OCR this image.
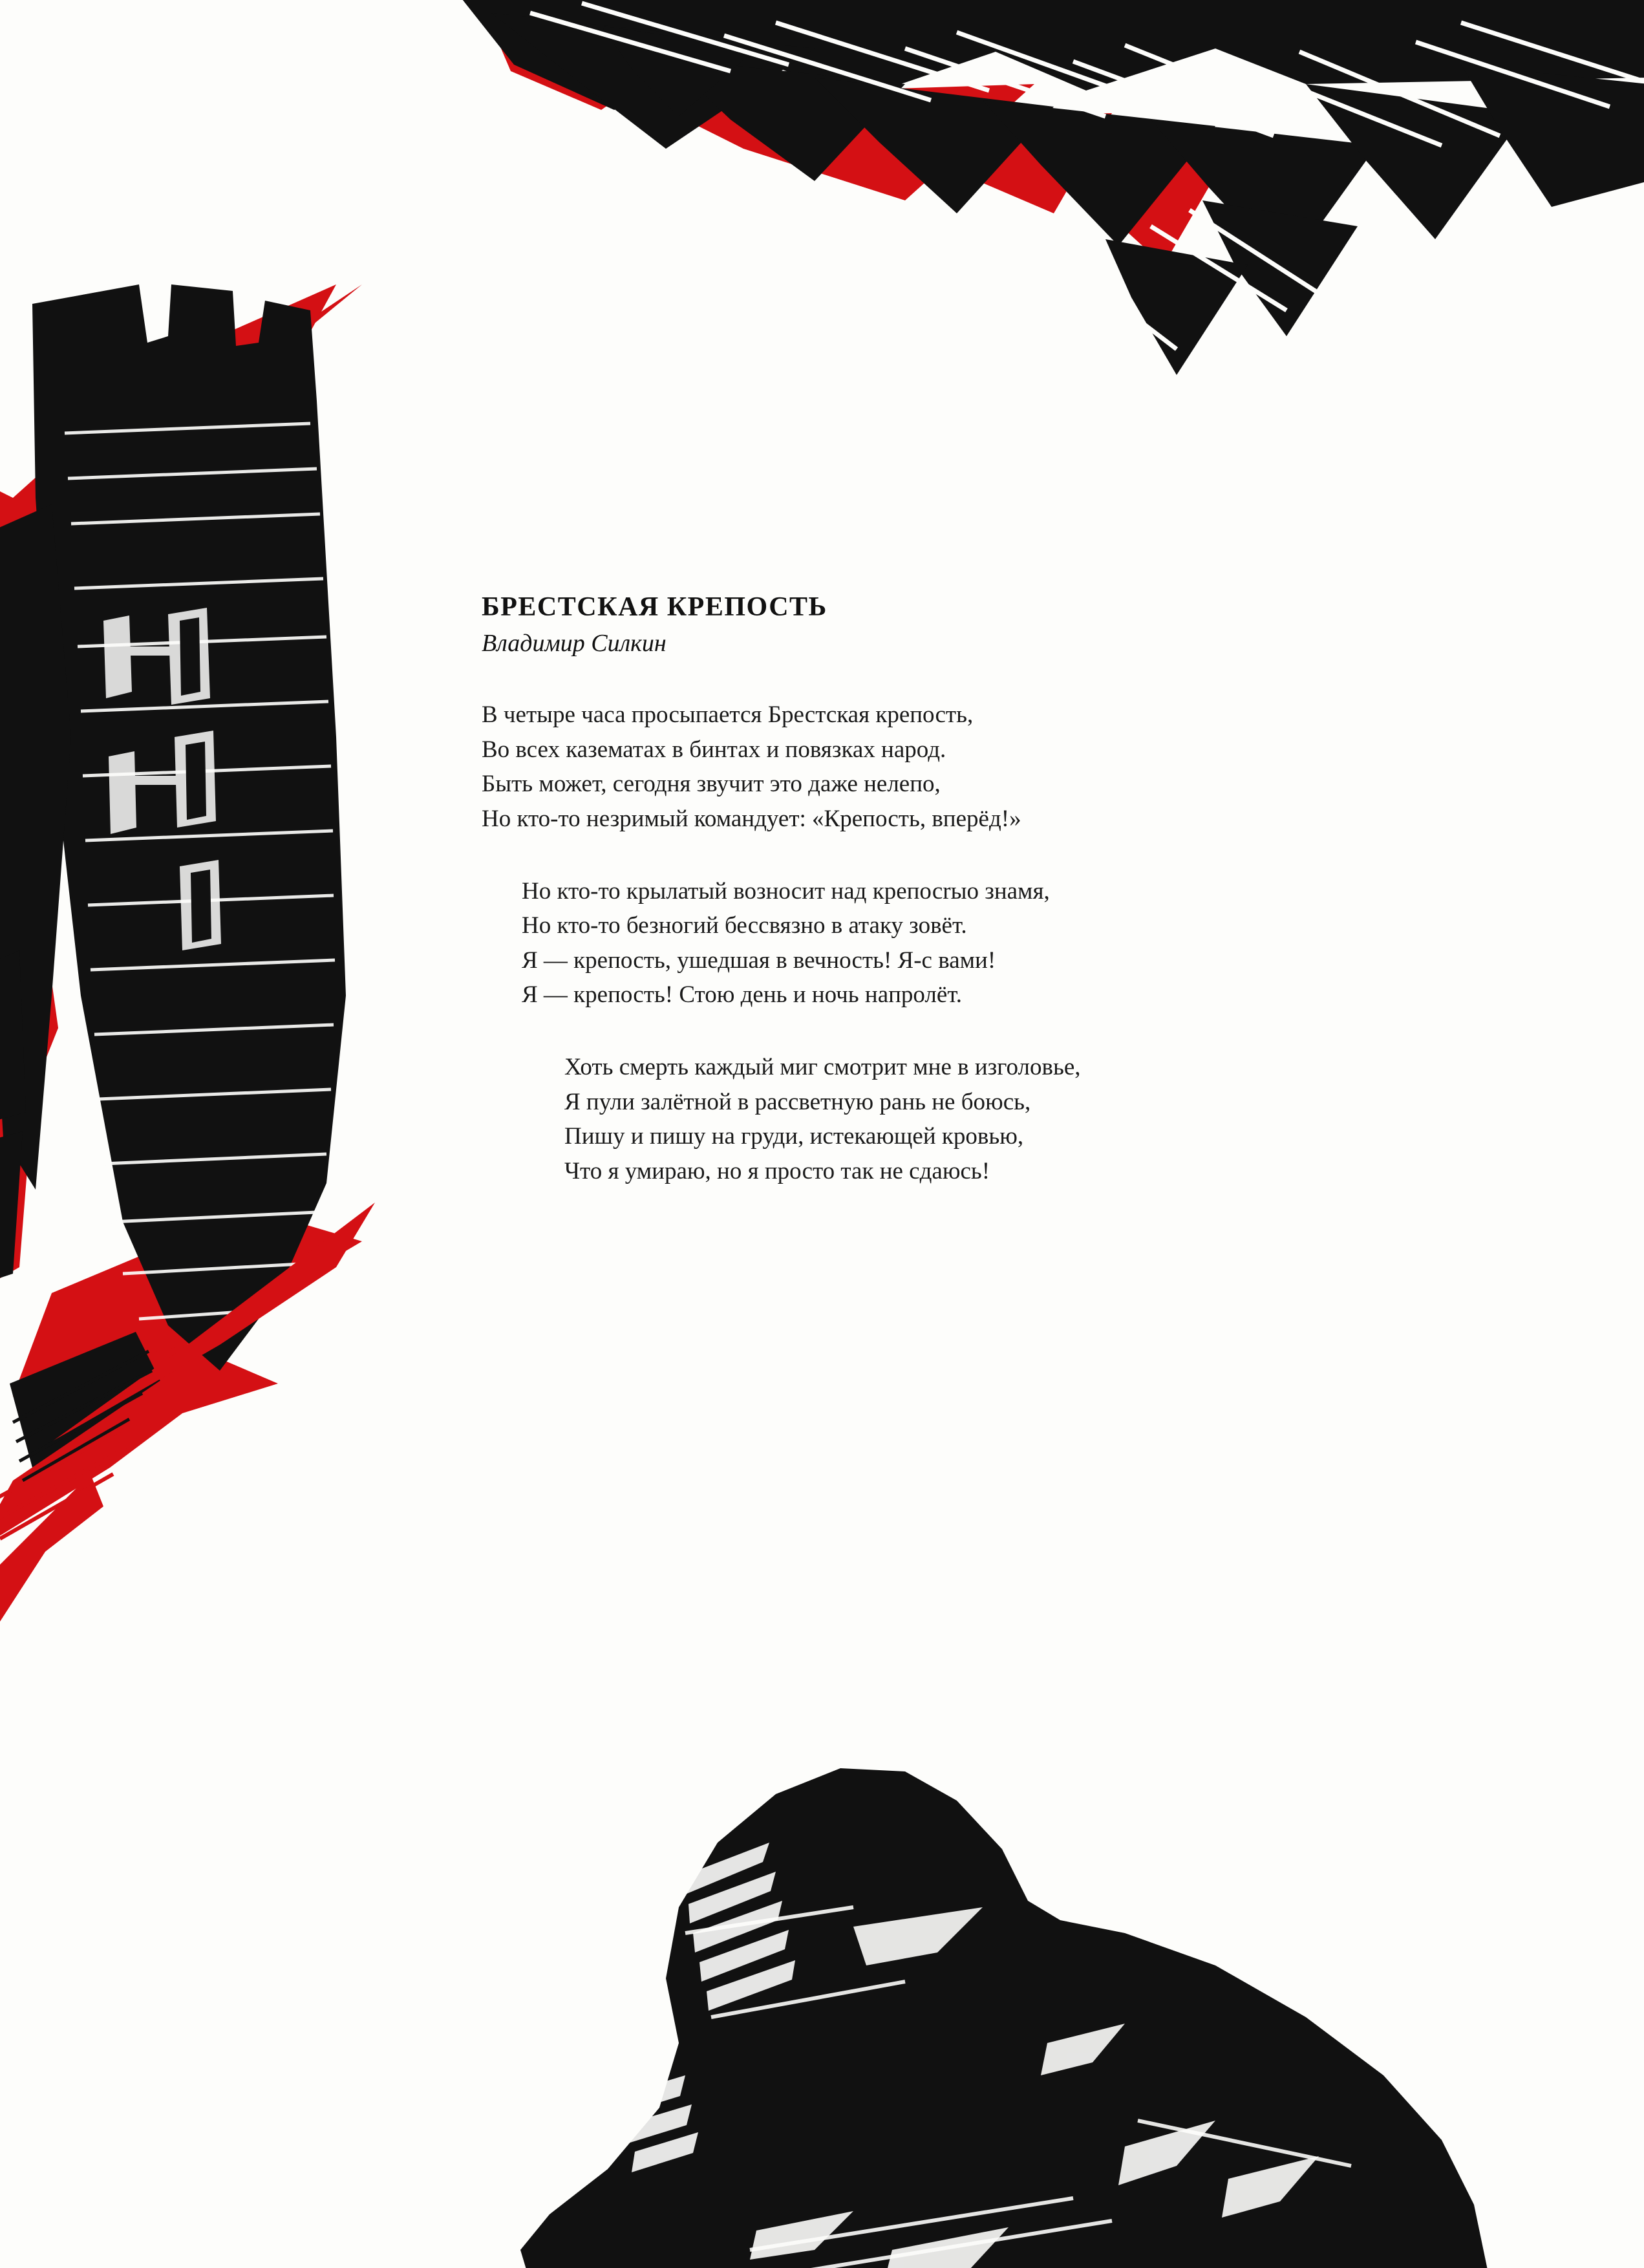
БРЕСТСКАЯ КРЕПОСТЬ
Владимир Силкин
В четыре часа просыпается Брестская крепость,
Во всех казематах в бинтах и повязках народ.
Быть может, сегодня звучит это даже нелепо,
Но кто-то незримый командует: «Крепость, вперёд!»
Но кто-то крылатый возносит над крепосrыо знамя,
Но кто-то безногий бессвязно в атаку зовёт.
Я — крепость, ушедшая в вечность! Я-с вами!
Я — крепость! Стою день и ночь нaпролёт.
Хоть смерть каждый миг смотрит мне в изголовье,
Я пули залётной в рассветную рань не боюсь,
Пишу и пишу на груди, истекающей кровью,
Что я умираю, но я просто так не сдаюсь!
